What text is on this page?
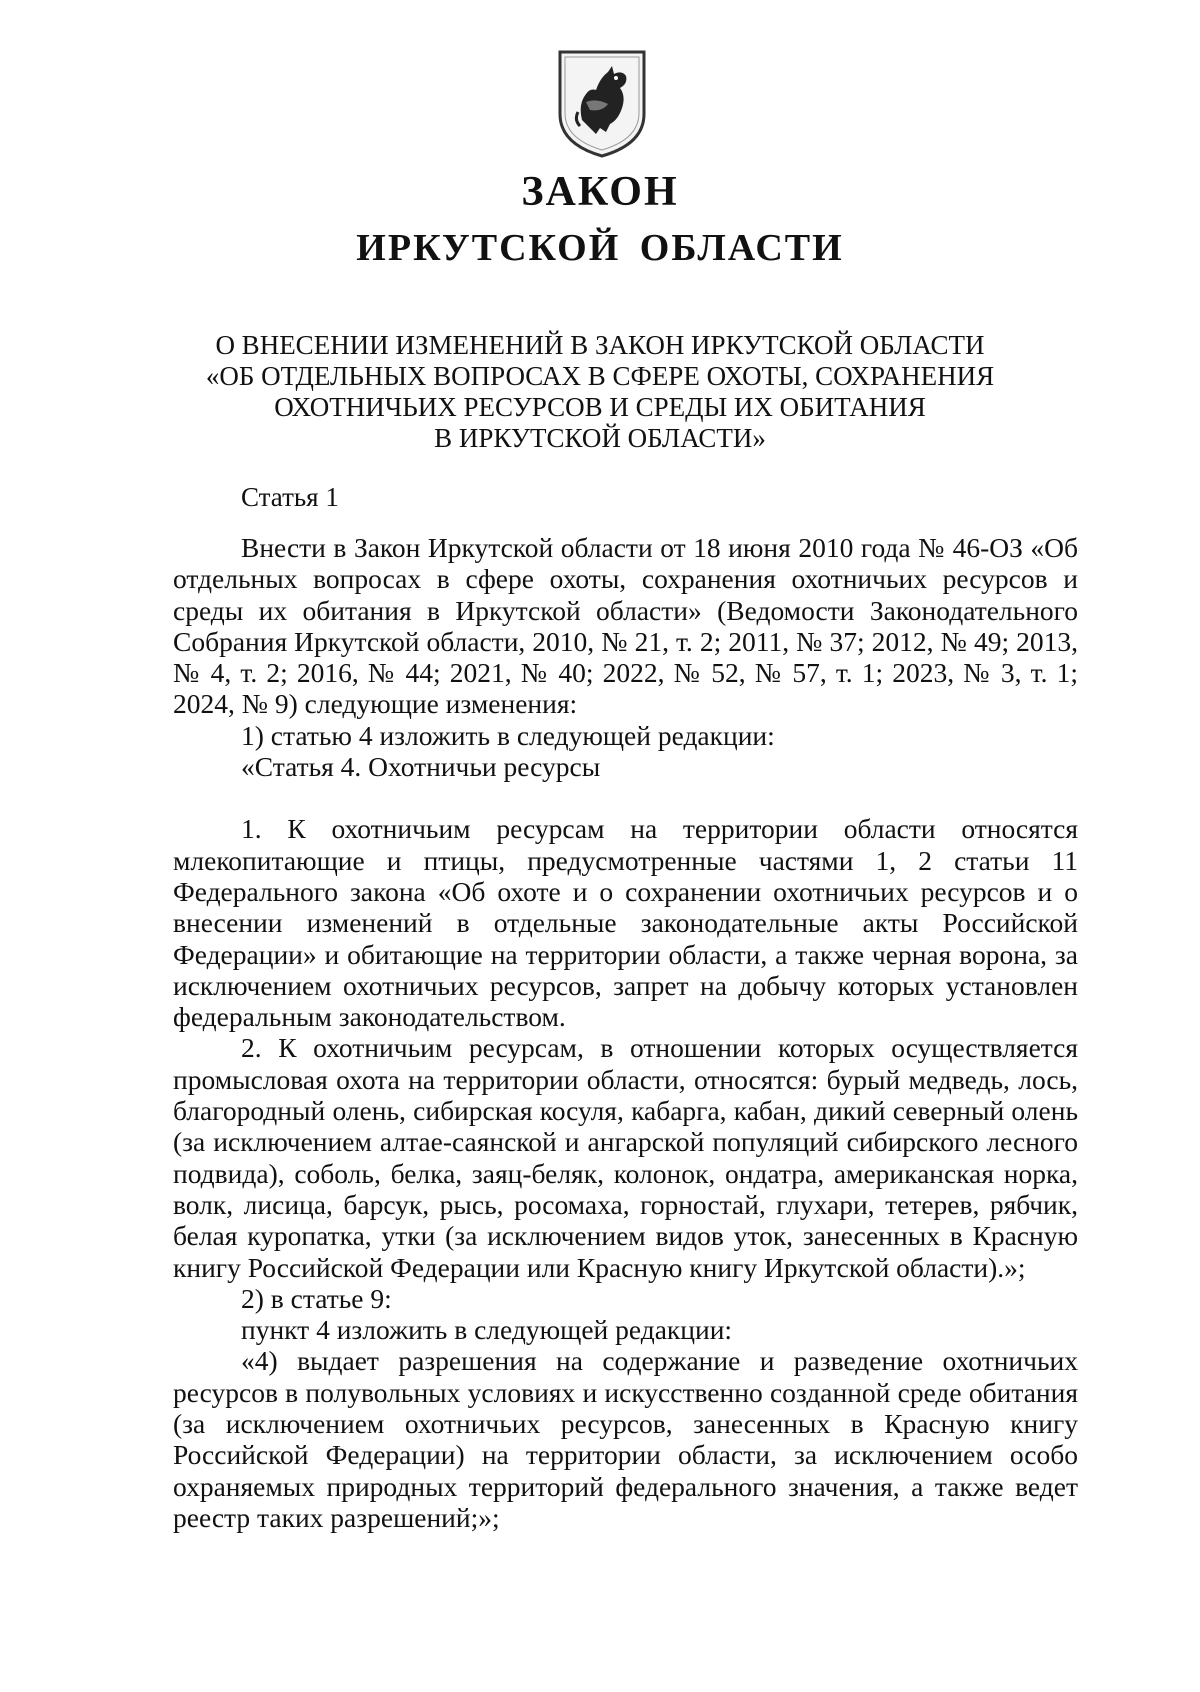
ЗАКОН
ИРКУТСКОЙ ОБЛАСТИ
О ВНЕСЕНИИ ИЗМЕНЕНИЙ В ЗАКОН ИРКУТСКОЙ ОБЛАСТИ
«ОБ ОТДЕЛЬНЫХ ВОПРОСАХ В СФЕРЕ ОХОТЫ, СОХРАНЕНИЯ
ОХОТНИЧЬИХ РЕСУРСОВ И СРЕДЫ ИХ ОБИТАНИЯ
В ИРКУТСКОЙ ОБЛАСТИ»
Статья 1

Внести в Закон Иркутской области от 18 июня 2010 года № 46-ОЗ «Об отдельных вопросах в сфере охоты, сохранения охотничьих ресурсов и среды их обитания в Иркутской области» (Ведомости Законодательного Собрания Иркутской области, 2010, № 21, т. 2; 2011, № 37; 2012, № 49; 2013, № 4, т. 2; 2016, № 44; 2021, № 40; 2022, № 52, № 57, т. 1; 2023, № 3, т. 1; 2024, № 9) следующие изменения:

1) статью 4 изложить в следующей редакции:

«Статья 4. Охотничьи ресурсы

1. К охотничьим ресурсам на территории области относятся млекопитающие и птицы, предусмотренные частями 1, 2 статьи 11 Федерального закона «Об охоте и о сохранении охотничьих ресурсов и о внесении изменений в отдельные законодательные акты Российской Федерации» и обитающие на территории области, а также черная ворона, за исключением охотничьих ресурсов, запрет на добычу которых установлен федеральным законодательством.

2. К охотничьим ресурсам, в отношении которых осуществляется промысловая охота на территории области, относятся: бурый медведь, лось, благородный олень, сибирская косуля, кабарга, кабан, дикий северный олень (за исключением алтае-саянской и ангарской популяций сибирского лесного подвида), соболь, белка, заяц-беляк, колонок, ондатра, американская норка, волк, лисица, барсук, рысь, росомаха, горностай, глухари, тетерев, рябчик, белая куропатка, утки (за исключением видов уток, занесенных в Красную книгу Российской Федерации или Красную книгу Иркутской области).»;

2) в статье 9:

пункт 4 изложить в следующей редакции:

«4) выдает разрешения на содержание и разведение охотничьих ресурсов в полувольных условиях и искусственно созданной среде обитания (за исключением охотничьих ресурсов, занесенных в Красную книгу Российской Федерации) на территории области, за исключением особо охраняемых природных территорий федерального значения, а также ведет реестр таких разрешений;»;
